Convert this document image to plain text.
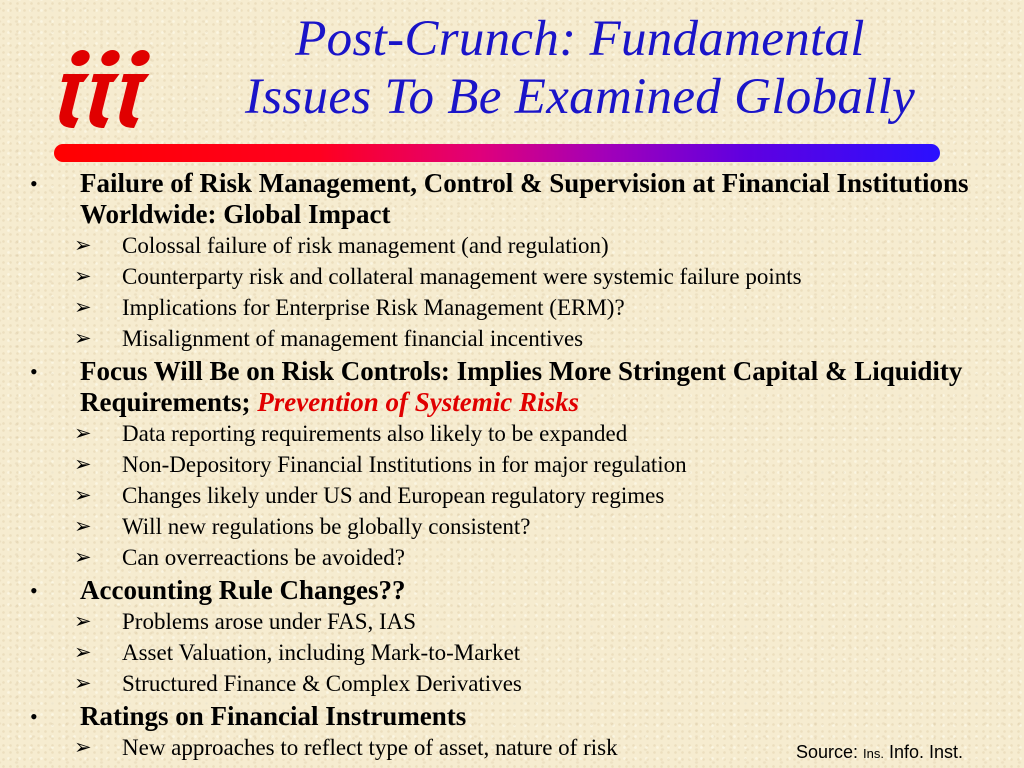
Post-Crunch: Fundamental
Issues To Be Examined Globally
• Failure of Risk Management, Control & Supervision at Financial Institutions Worldwide: Global Impact
➢ Colossal failure of risk management (and regulation)
➢ Counterparty risk and collateral management were systemic failure points
➢ Implications for Enterprise Risk Management (ERM)?
➢ Misalignment of management financial incentives
• Focus Will Be on Risk Controls: Implies More Stringent Capital & Liquidity Requirements; Prevention of Systemic Risks
➢ Data reporting requirements also likely to be expanded
➢ Non-Depository Financial Institutions in for major regulation
➢ Changes likely under US and European regulatory regimes
➢ Will new regulations be globally consistent?
➢ Can overreactions be avoided?
• Accounting Rule Changes??
➢ Problems arose under FAS, IAS
➢ Asset Valuation, including Mark-to-Market
➢ Structured Finance & Complex Derivatives
• Ratings on Financial Instruments
➢ New approaches to reflect type of asset, nature of risk	Source: Ins. Info. Inst.
